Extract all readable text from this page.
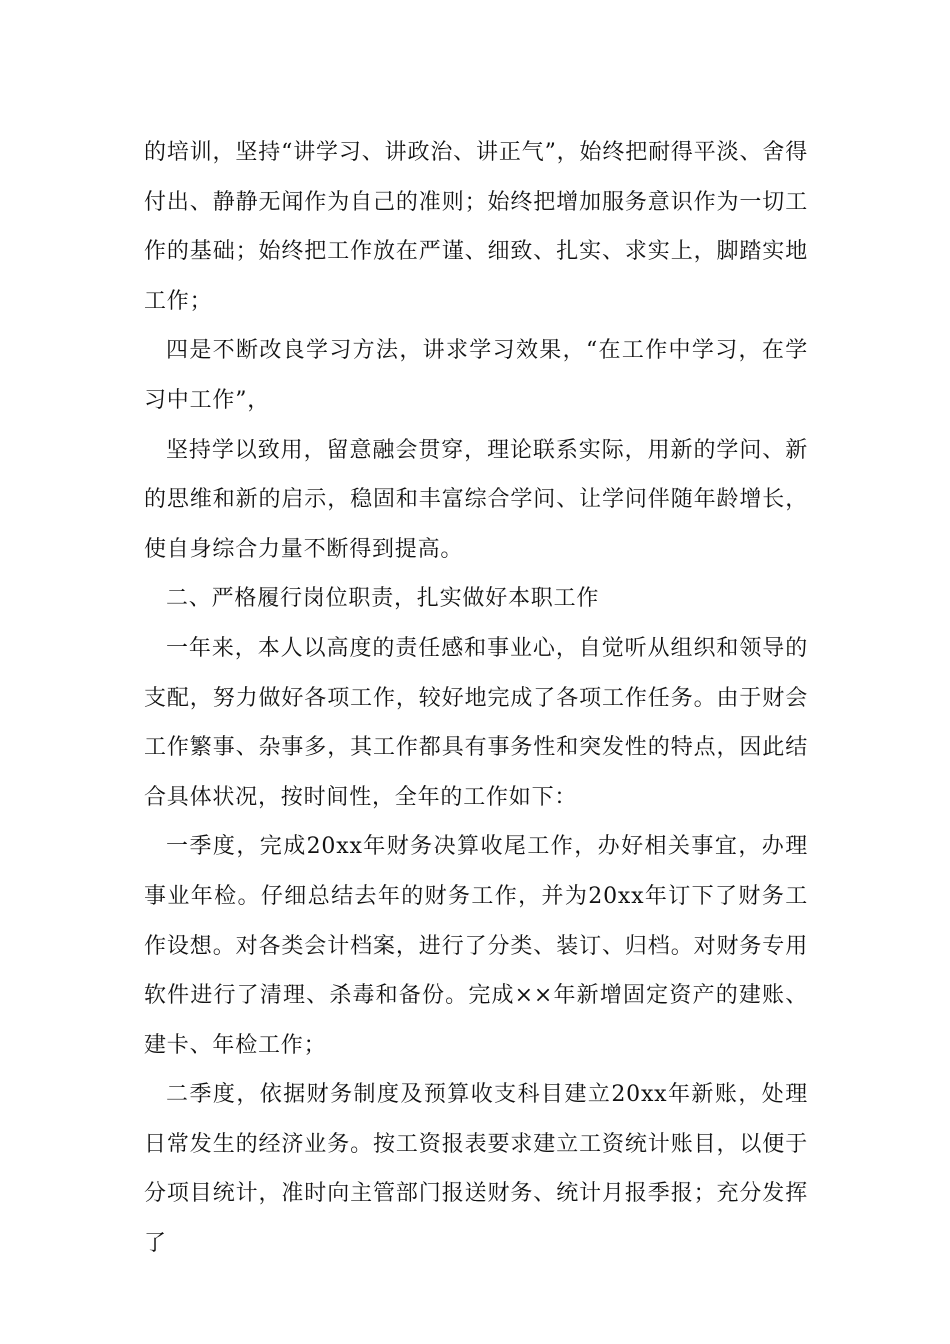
的培训，坚持“讲学习、讲政治、讲正气”，始终把耐得平淡、舍得付出、静静无闻作为自己的准则；始终把增加服务意识作为一切工作的基础；始终把工作放在严谨、细致、扎实、求实上，脚踏实地工作；

四是不断改良学习方法，讲求学习效果，“在工作中学习，在学习中工作”，

坚持学以致用，留意融会贯穿，理论联系实际，用新的学问、新的思维和新的启示，稳固和丰富综合学问、让学问伴随年龄增长，使自身综合力量不断得到提高。

二、严格履行岗位职责，扎实做好本职工作

一年来，本人以高度的责任感和事业心，自觉听从组织和领导的支配，努力做好各项工作，较好地完成了各项工作任务。由于财会工作繁事、杂事多，其工作都具有事务性和突发性的特点，因此结合具体状况，按时间性，全年的工作如下：

一季度，完成20xx年财务决算收尾工作，办好相关事宜，办理事业年检。仔细总结去年的财务工作，并为20xx年订下了财务工作设想。对各类会计档案，进行了分类、装订、归档。对财务专用软件进行了清理、杀毒和备份。完成××年新增固定资产的建账、建卡、年检工作；

二季度，依据财务制度及预算收支科目建立20xx年新账，处理日常发生的经济业务。按工资报表要求建立工资统计账目，以便于分项目统计，准时向主管部门报送财务、统计月报季报；充分发挥了
